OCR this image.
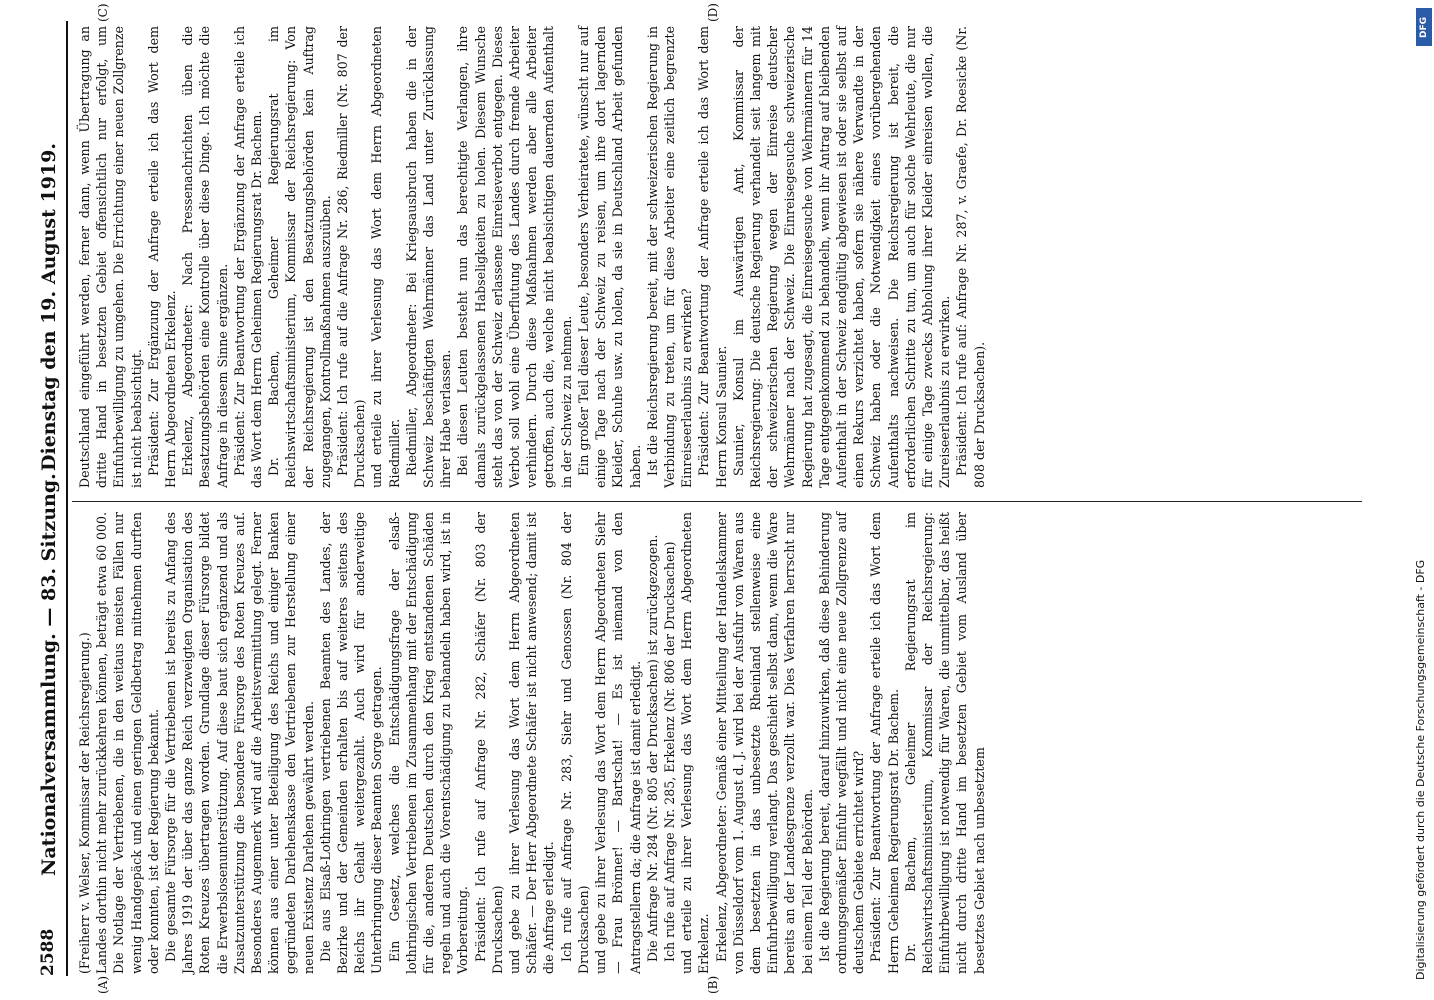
2588
Nationalversammlung. — 83. Sitzung.
Dienstag den 19. August 1919.
(A)	(B)
(C)	(D)

(Freiherr v. Welser, Kommissar der Reichsregierung.) Landes dorthin nicht mehr zurückkehren können, beträgt etwa 60 000. Die Notlage der Vertriebenen, die in den weitaus meisten Fällen nur wenig Handgepäck und einen geringen Geldbetrag mitnehmen durften oder konnten, ist der Regierung bekannt. Die gesamte Fürsorge für die Vertriebenen ist bereits zu Anfang des Jahres 1919 der über das ganze Reich verzweigten Organisation des Roten Kreuzes übertragen worden. Grundlage dieser Fürsorge bildet die Erwerbslosenunterstützung. Auf diese baut sich ergänzend und als Zusatzunterstützung die besondere Fürsorge des Roten Kreuzes auf. Besonderes Augenmerk wird auf die Arbeitsvermittlung gelegt. Ferner können aus einer unter Beteiligung des Reichs und einiger Banken gegründeten Darlehenskasse den Vertriebenen zur Herstellung einer neuen Existenz Darlehen gewährt werden. Die aus Elsaß-Lothringen vertriebenen Beamten des Landes, der Bezirke und der Gemeinden erhalten bis auf weiteres seitens des Reichs ihr Gehalt weitergezahlt. Auch wird für anderweitige Unterbringung dieser Beamten Sorge getragen. Ein Gesetz, welches die Entschädigungsfrage der elsaß-lothringischen Vertriebenen im Zusammenhang mit der Entschädigung für die, anderen Deutschen durch den Krieg entstandenen Schäden regeln und auch die Vorentschädigung zu behandeln haben wird, ist in Vorbereitung. Präsident: Ich rufe auf Anfrage Nr. 282, Schäfer (Nr. 803 der Drucksachen) und gebe zu ihrer Verlesung das Wort dem Herrn Abgeordneten Schäfer. — Der Herr Abgeordnete Schäfer ist nicht anwesend; damit ist die Anfrage erledigt. Ich rufe auf Anfrage Nr. 283, Siehr und Genossen (Nr. 804 der Drucksachen) und gebe zu ihrer Verlesung das Wort dem Herrn Abgeordneten Siehr — Frau Brönner! — Bartschat! — Es ist niemand von den Antragstellern da; die Anfrage ist damit erledigt. Die Anfrage Nr. 284 (Nr. 805 der Drucksachen) ist zurückgezogen. Ich rufe auf Anfrage Nr. 285, Erkelenz (Nr. 806 der Drucksachen) und erteile zu ihrer Verlesung das Wort dem Herrn Abgeordneten Erkelenz. Erkelenz, Abgeordneter: Gemäß einer Mitteilung der Handelskammer von Düsseldorf vom 1. August d. J. wird bei der Ausfuhr von Waren aus dem besetzten in das unbesetzte Rheinland stellenweise eine Einfuhrbewilligung verlangt. Das geschieht selbst dann, wenn die Ware bereits an der Landesgrenze verzollt war. Dies Verfahren herrscht nur bei einem Teil der Behörden. Ist die Regierung bereit, darauf hinzuwirken, daß diese Behinderung ordnungsgemäßer Einfuhr wegfällt und nicht eine neue Zollgrenze auf deutschem Gebiete errichtet wird? Präsident: Zur Beantwortung der Anfrage erteile ich das Wort dem Herrn Geheimen Regierungsrat Dr. Bachem. Dr. Bachem, Geheimer Regierungsrat im Reichswirtschaftsministerium, Kommissar der Reichsregierung: Einfuhrbewilligung ist notwendig für Waren, die unmittelbar, das heißt nicht durch dritte Hand im besetzten Gebiet vom Ausland über besetztes Gebiet nach unbesetztem

Deutschland eingeführt werden, ferner dann, wenn Übertragung an dritte Hand in besetzten Gebiet offensichtlich nur erfolgt, um Einfuhrbewilligung zu umgehen. Die Errichtung einer neuen Zollgrenze ist nicht beabsichtigt. Präsident: Zur Ergänzung der Anfrage erteile ich das Wort dem Herrn Abgeordneten Erkelenz. Erkelenz, Abgeordneter: Nach Pressenachrichten üben die Besatzungsbehörden eine Kontrolle über diese Dinge. Ich möchte die Anfrage in diesem Sinne ergänzen. Präsident: Zur Beantwortung der Ergänzung der Anfrage erteile ich das Wort dem Herrn Geheimen Regierungsrat Dr. Bachem. Dr. Bachem, Geheimer Regierungsrat im Reichswirtschaftsministerium, Kommissar der Reichsregierung: Von der Reichsregierung ist den Besatzungsbehörden kein Auftrag zugegangen, Kontrollmaßnahmen auszuüben. Präsident: Ich rufe auf die Anfrage Nr. 286, Riedmiller (Nr. 807 der Drucksachen) und erteile zu ihrer Verlesung das Wort dem Herrn Abgeordneten Riedmiller. Riedmiller, Abgeordneter: Bei Kriegsausbruch haben die in der Schweiz beschäftigten Wehrmänner das Land unter Zurücklassung ihrer Habe verlassen. Bei diesen Leuten besteht nun das berechtigte Verlangen, ihre damals zurückgelassenen Habseligkeiten zu holen. Diesem Wunsche steht das von der Schweiz erlassene Einreiseverbot entgegen. Dieses Verbot soll wohl eine Überflutung des Landes durch fremde Arbeiter verhindern. Durch diese Maßnahmen werden aber alle Arbeiter getroffen, auch die, welche nicht beabsichtigen dauernden Aufenthalt in der Schweiz zu nehmen. Ein großer Teil dieser Leute, besonders Verheiratete, wünscht nur auf einige Tage nach der Schweiz zu reisen, um ihre dort lagernden Kleider, Schuhe usw. zu holen, da sie in Deutschland Arbeit gefunden haben. Ist die Reichsregierung bereit, mit der schweizerischen Regierung in Verbindung zu treten, um für diese Arbeiter eine zeitlich begrenzte Einreiseerlaubnis zu erwirken? Präsident: Zur Beantwortung der Anfrage erteile ich das Wort dem Herrn Konsul Saunier. Saunier, Konsul im Auswärtigen Amt, Kommissar der Reichsregierung: Die deutsche Regierung verhandelt seit langem mit der schweizerischen Regierung wegen der Einreise deutscher Wehrmänner nach der Schweiz. Die Einreisegesuche schweizerische Regierung hat zugesagt, die Einreisegesuche von Wehrmännern für 14 Tage entgegenkommend zu behandeln, wenn ihr Antrag auf bleibenden Aufenthalt in der Schweiz endgültig abgewiesen ist oder sie selbst auf einen Rekurs verzichtet haben, sofern sie nähere Verwandte in der Schweiz haben oder die Notwendigkeit eines vorübergehenden Aufenthalts nachweisen. Die Reichsregierung ist bereit, die erforderlichen Schritte zu tun, um auch für solche Wehrleute, die nur für einige Tage zwecks Abholung ihrer Kleider einreisen wollen, die Zureiseerlaubnis zu erwirken. Präsident: Ich rufe auf: Anfrage Nr. 287, v. Graefe, Dr. Roesicke (Nr. 808 der Drucksachen).

Digitalisierung gefördert durch die Deutsche Forschungsgemeinschaft - DFG
DFG
